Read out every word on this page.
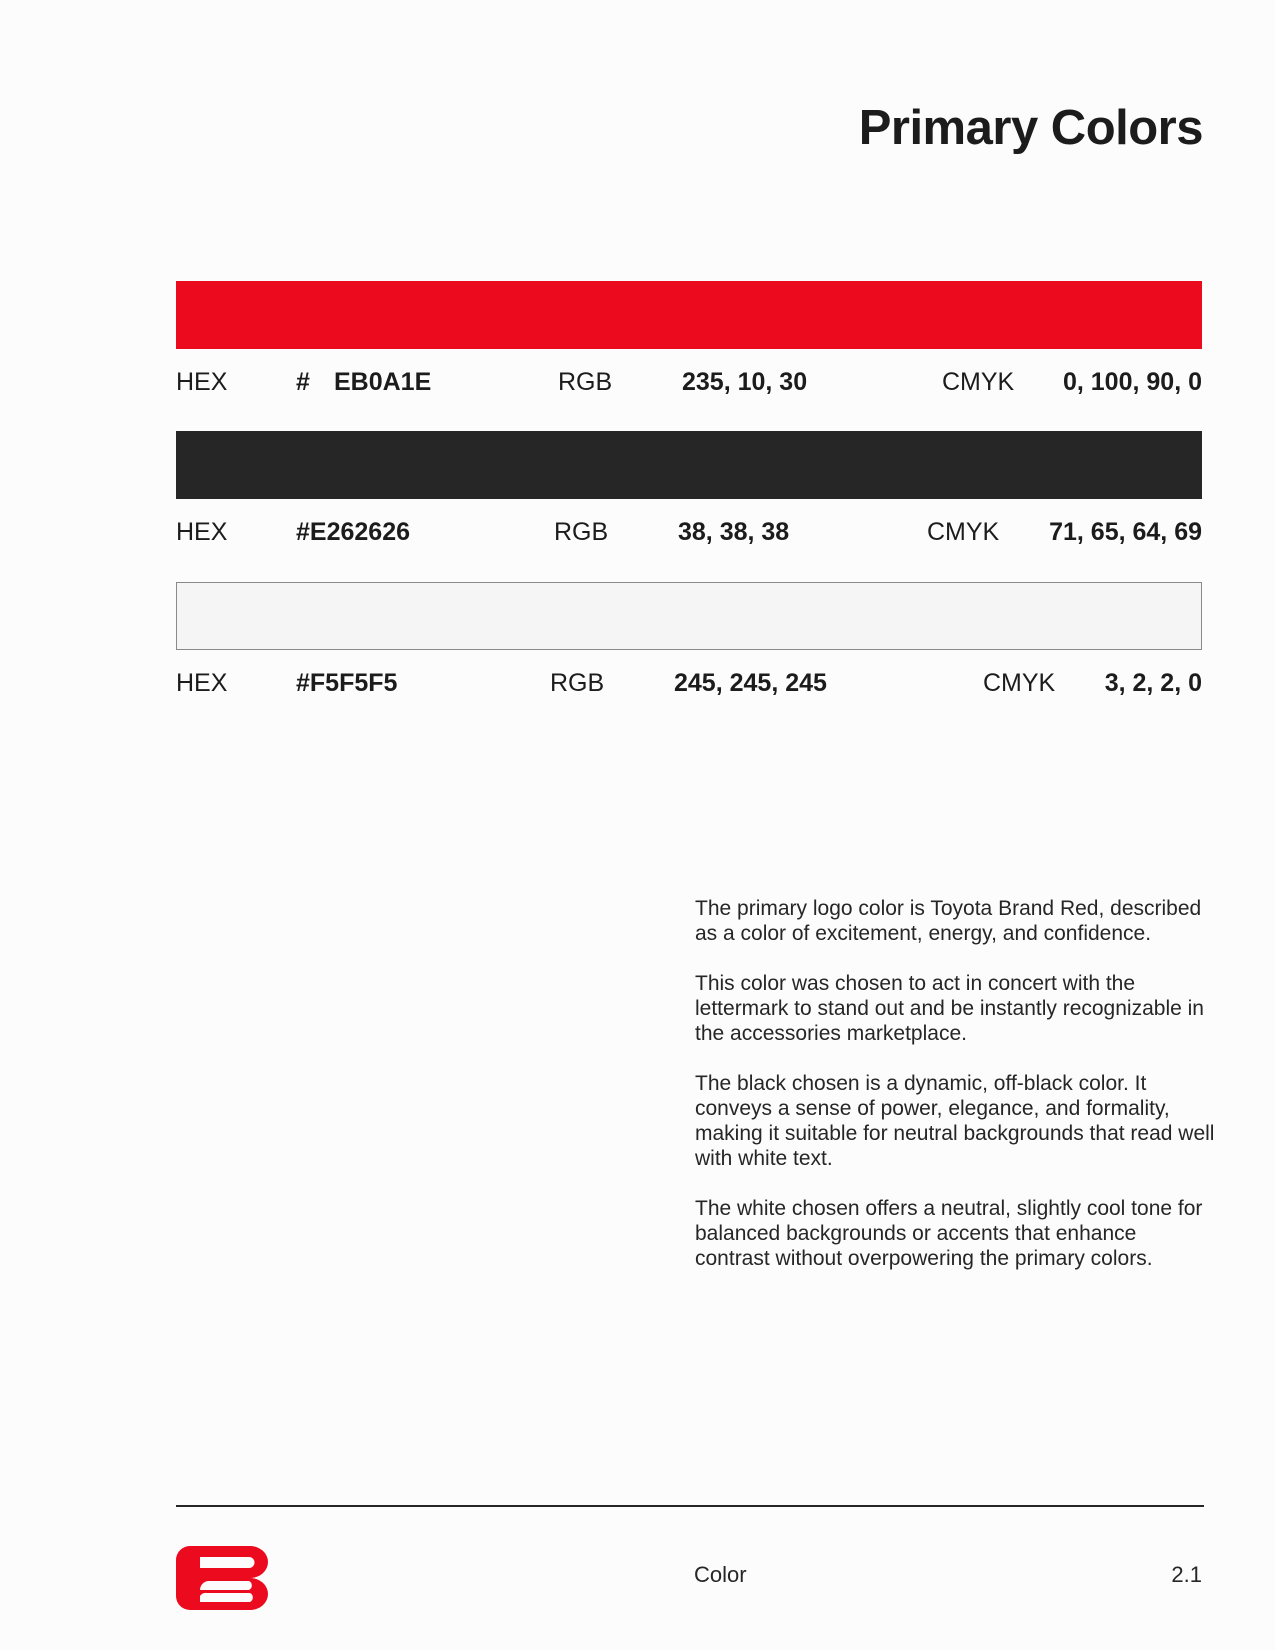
Primary Colors
HEX	# EB0A1E	RGB	235, 10, 30	CMYK 0, 100, 90, 0
HEX	#E262626	RGB	38, 38, 38	CMYK 71, 65, 64, 69
HEX	#F5F5F5	RGB	245, 245, 245	CMYK 3, 2, 2, 0

The primary logo color is Toyota Brand Red, described as a color of excitement, energy, and confidence.

This color was chosen to act in concert with the lettermark to stand out and be instantly recognizable in the accessories marketplace.

The black chosen is a dynamic, off-black color. It conveys a sense of power, elegance, and formality, making it suitable for neutral backgrounds that read well with white text.

The white chosen offers a neutral, slightly cool tone for balanced backgrounds or accents that enhance contrast without overpowering the primary colors.

Color	2.1
